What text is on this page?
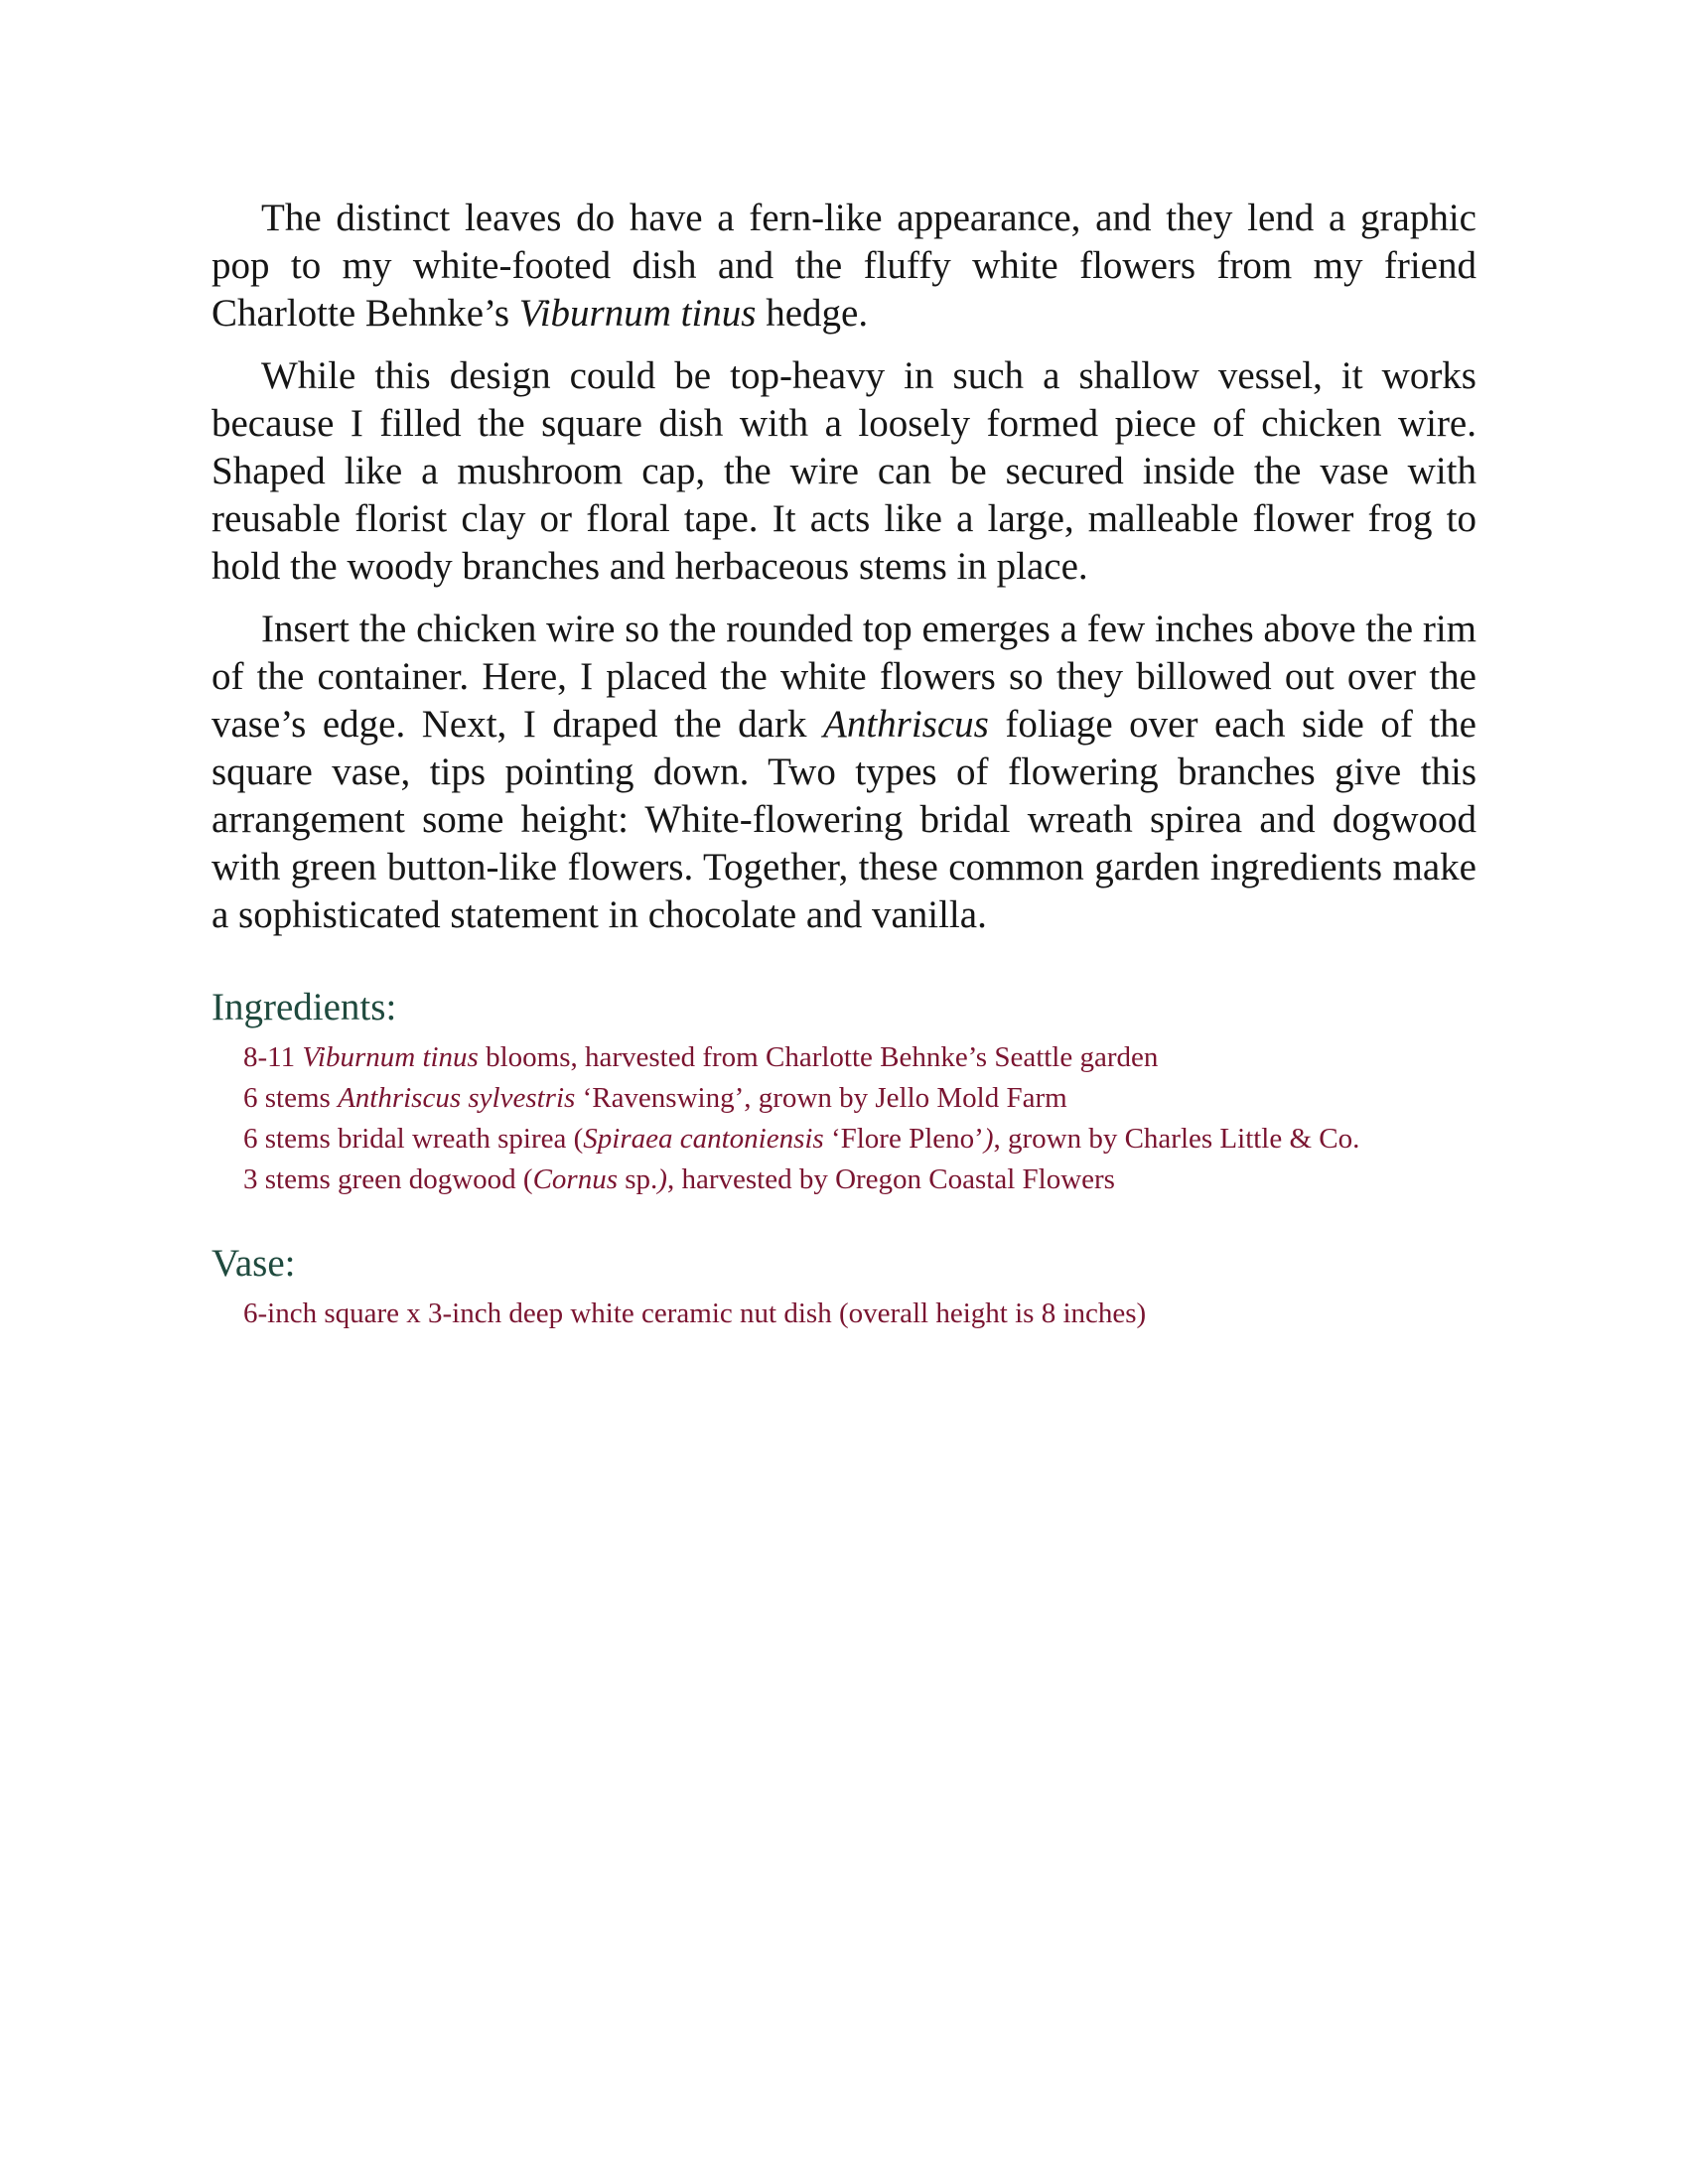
The distinct leaves do have a fern-like appearance, and they lend a graphic pop to my white-footed dish and the fluffy white flowers from my friend Charlotte Behnke’s Viburnum tinus hedge.

While this design could be top-heavy in such a shallow vessel, it works because I filled the square dish with a loosely formed piece of chicken wire. Shaped like a mushroom cap, the wire can be secured inside the vase with reusable florist clay or floral tape. It acts like a large, malleable flower frog to hold the woody branches and herbaceous stems in place.

Insert the chicken wire so the rounded top emerges a few inches above the rim of the container. Here, I placed the white flowers so they billowed out over the vase’s edge. Next, I draped the dark Anthriscus foliage over each side of the square vase, tips pointing down. Two types of flowering branches give this arrangement some height: White-flowering bridal wreath spirea and dogwood with green button-like flowers. Together, these common garden ingredients make a sophisticated statement in chocolate and vanilla.

Ingredients:
8-11 Viburnum tinus blooms, harvested from Charlotte Behnke’s Seattle garden
6 stems Anthriscus sylvestris ‘Ravenswing’, grown by Jello Mold Farm
6 stems bridal wreath spirea (Spiraea cantoniensis ‘Flore Pleno’), grown by Charles Little & Co.
3 stems green dogwood (Cornus sp.), harvested by Oregon Coastal Flowers
Vase:
6-inch square x 3-inch deep white ceramic nut dish (overall height is 8 inches)
